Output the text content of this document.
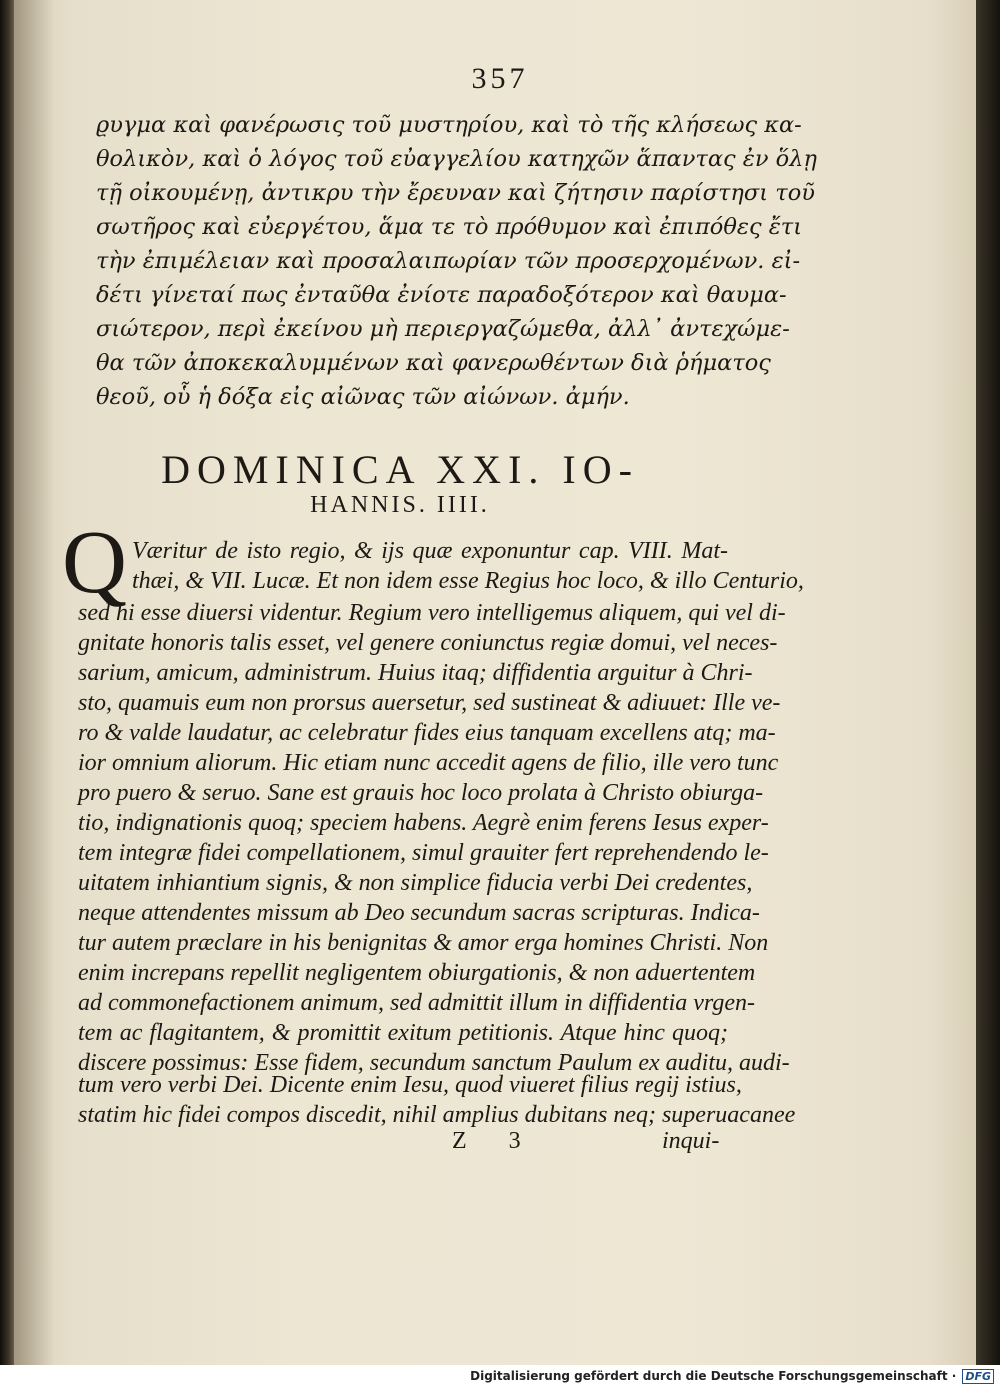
357
ϱυγμα καὶ φανέρωσις τοῦ μυστηρίου, καὶ τὸ τῆς κλήσεως κα-
θολικὸν, καὶ ὁ λόγος τοῦ εὐαγγελίου κατηχῶν ἅπαντας ἐν ὅλῃ
τῇ οἰκουμένῃ, ἀντικρυ τὴν ἔρευναν καὶ ζήτησιν παρίστησι τοῦ
σωτῆρος καὶ εὐεργέτου, ἅμα τε τὸ πρόθυμον καὶ ἐπιπόθες ἔτι
τὴν ἐπιμέλειαν καὶ προσαλαιπωρίαν τῶν προσερχομένων. εἰ-
δέτι γίνεταί πως ἐνταῦθα ἐνίοτε παραδοξότερον καὶ θαυμα-
σιώτερον, περὶ ἐκείνου μὴ περιεργαζώμεθα, ἀλλ᾽ ἀντεχώμε-
θα τῶν ἀποκεκαλυμμένων καὶ φανερωθέντων διὰ ῥήματος
θεοῦ, οὗ ἡ δόξα εἰς αἰῶνας τῶν αἰώνων. ἀμήν.
DOMINICA XXI. IO-
HANNIS. IIII.
Q Væritur de isto regio, & ijs quæ exponuntur cap. VIII. Mat-
thæi, & VII. Lucæ. Et non idem esse Regius hoc loco, & illo Centurio,
sed hi esse diuersi videntur. Regium vero intelligemus aliquem, qui vel di-
gnitate honoris talis esset, vel genere coniunctus regiæ domui, vel neces-
sarium, amicum, administrum. Huius itaq; diffidentia arguitur à Chri-
sto, quamuis eum non prorsus auersetur, sed sustineat & adiuuet: Ille ve-
ro & valde laudatur, ac celebratur fides eius tanquam excellens atq; ma-
ior omnium aliorum. Hic etiam nunc accedit agens de filio, ille vero tunc
pro puero & seruo. Sane est grauis hoc loco prolata à Christo obiurga-
tio, indignationis quoq; speciem habens. Aegrè enim ferens Iesus exper-
tem integræ fidei compellationem, simul grauiter fert reprehendendo le-
uitatem inhiantium signis, & non simplice fiducia verbi Dei credentes,
neque attendentes missum ab Deo secundum sacras scripturas. Indica-
tur autem præclare in his benignitas & amor erga homines Christi. Non
enim increpans repellit negligentem obiurgationis, & non aduertentem
ad commonefactionem animum, sed admittit illum in diffidentia vrgen-
tem ac flagitantem, & promittit exitum petitionis. Atque hinc quoq;
discere possimus: Esse fidem, secundum sanctum Paulum ex auditu, audi-
tum vero verbi Dei. Dicente enim Iesu, quod viueret filius regij istius,
statim hic fidei compos discedit, nihil amplius dubitans neq; superuacanee
Z 3	inqui-
Digitalisierung gefördert durch die Deutsche Forschungsgemeinschaft · DFG
